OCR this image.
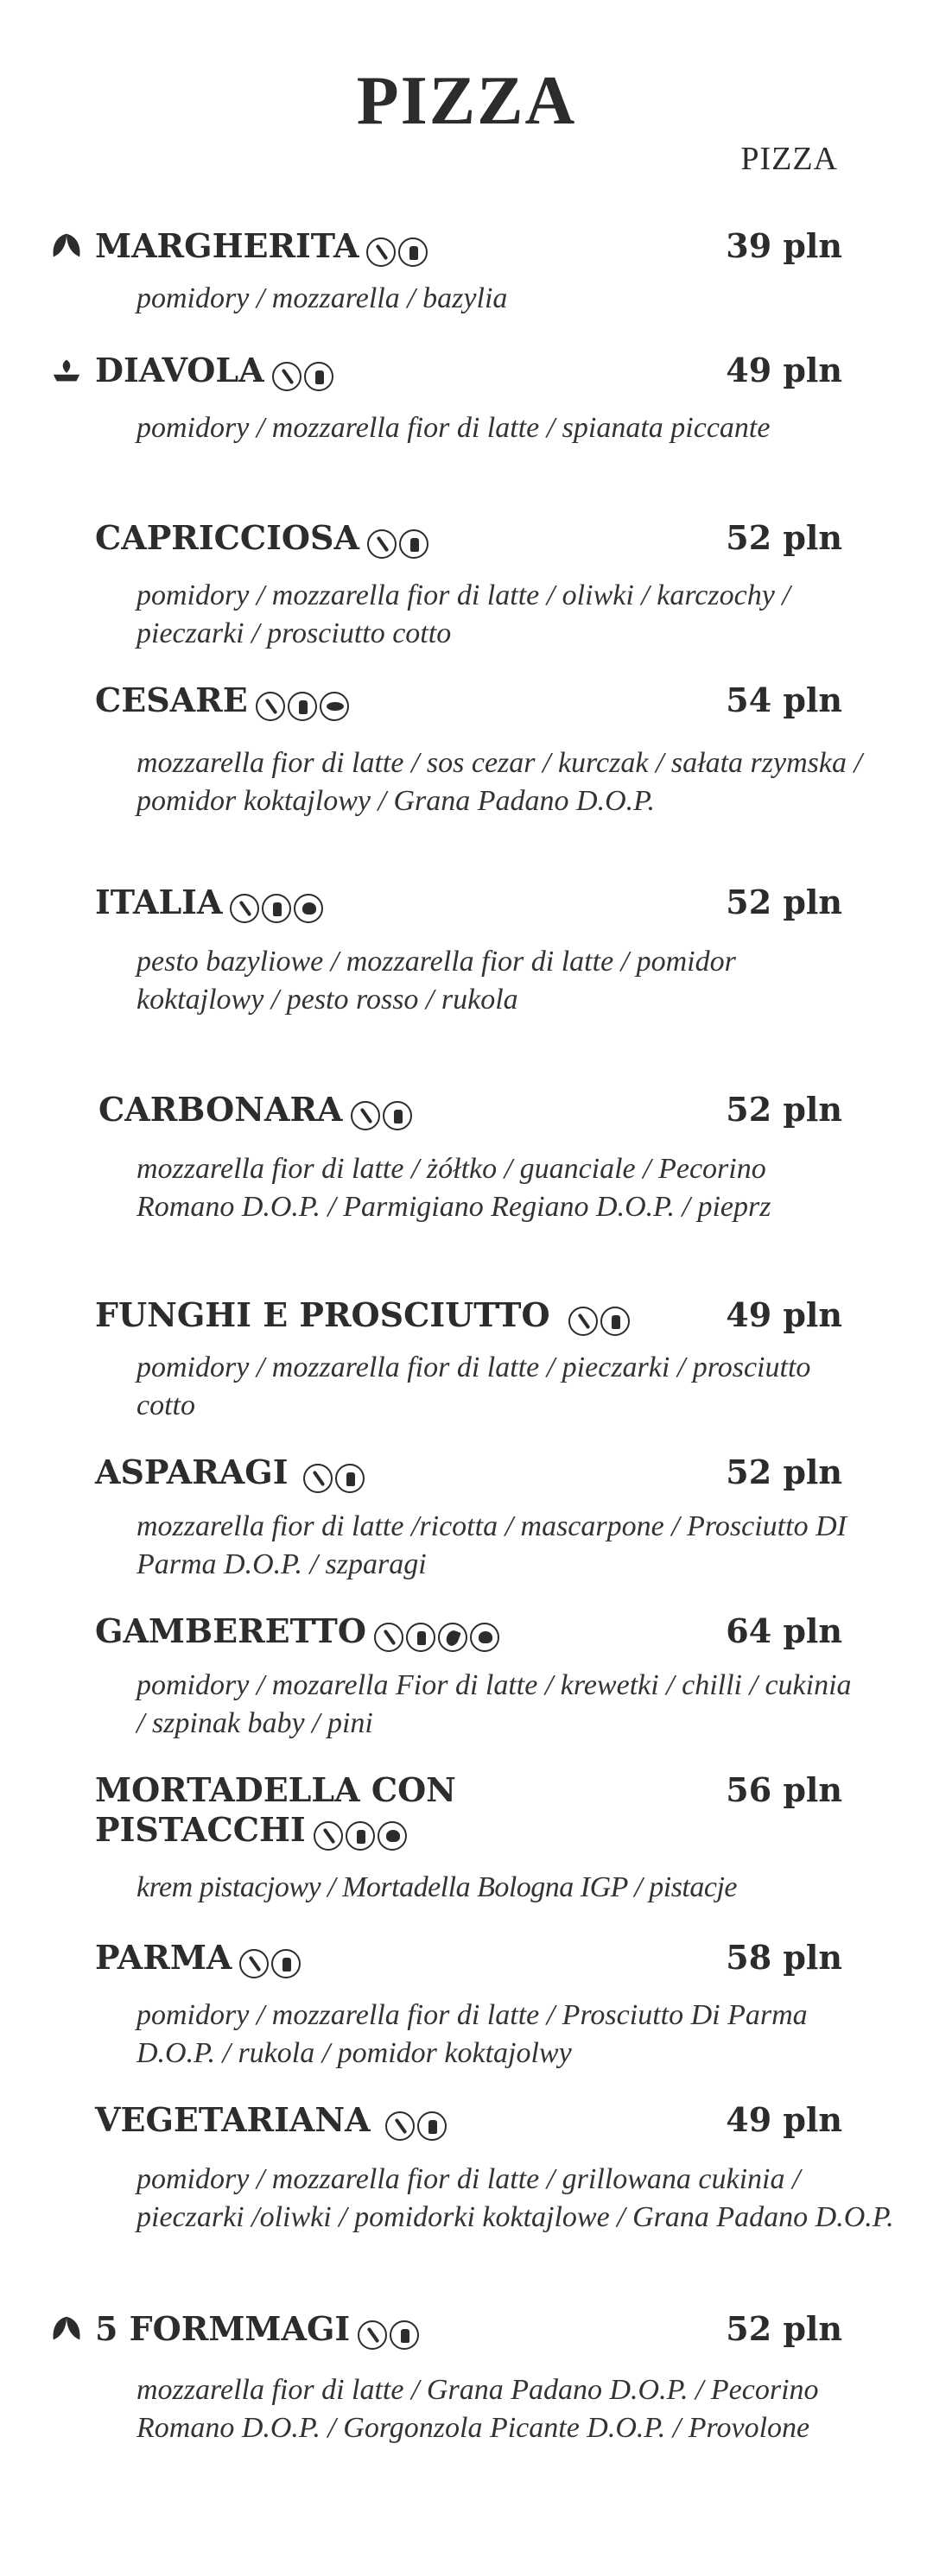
PIZZA
PIZZA
MARGHERITA	39 pln
pomidory / mozzarella / bazylia
DIAVOLA	49 pln
pomidory / mozzarella fior di latte / spianata piccante
CAPRICCIOSA	52 pln
pomidory / mozzarella fior di latte / oliwki / karczochy / pieczarki / prosciutto cotto
CESARE	54 pln
mozzarella fior di latte / sos cezar / kurczak / sałata rzymska / pomidor koktajlowy / Grana Padano D.O.P.
ITALIA	52 pln
pesto bazyliowe / mozzarella fior di latte / pomidor koktajlowy / pesto rosso / rukola
CARBONARA	52 pln
mozzarella fior di latte / żółtko / guanciale / Pecorino Romano D.O.P. / Parmigiano Regiano D.O.P. / pieprz
FUNGHI E PROSCIUTTO	49 pln
pomidory / mozzarella fior di latte / pieczarki / prosciutto cotto
ASPARAGI	52 pln
mozzarella fior di latte /ricotta / mascarpone / Prosciutto DI Parma D.O.P. / szparagi
GAMBERETTO	64 pln
pomidory / mozarella Fior di latte / krewetki / chilli / cukinia / szpinak baby / pini
MORTADELLA CON
PISTACCHI
56 pln
krem pistacjowy / Mortadella Bologna IGP / pistacje
PARMA	58 pln
pomidory / mozzarella fior di latte / Prosciutto Di Parma D.O.P. / rukola / pomidor koktajolwy
VEGETARIANA	49 pln
pomidory / mozzarella fior di latte / grillowana cukinia / pieczarki /oliwki / pomidorki koktajlowe / Grana Padano D.O.P.
5 FORMMAGI	52 pln
mozzarella fior di latte / Grana Padano D.O.P. / Pecorino Romano D.O.P. / Gorgonzola Picante D.O.P. / Provolone
